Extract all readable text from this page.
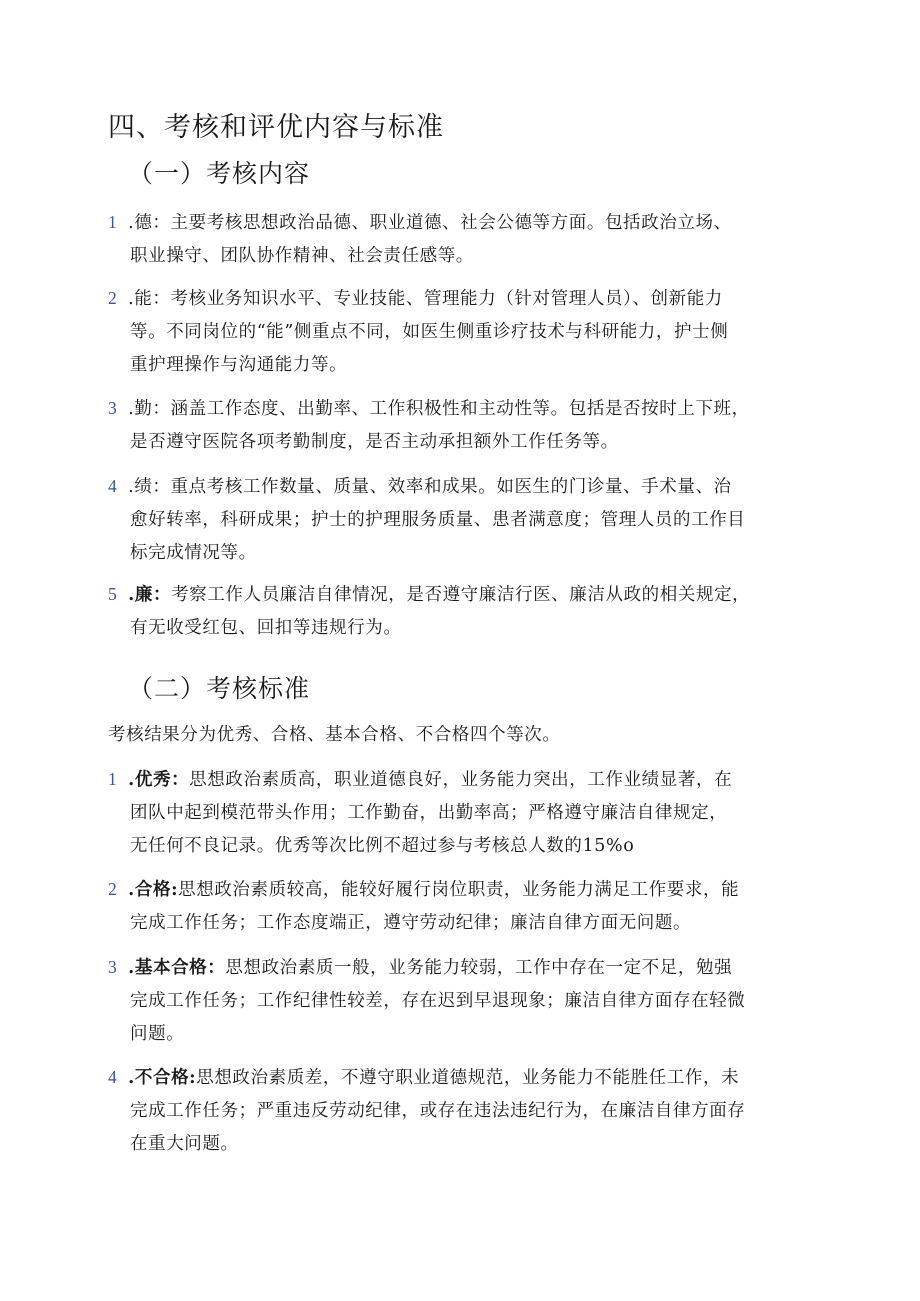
四、考核和评优内容与标准
（一）考核内容
1 .德：主要考核思想政治品德、职业道德、社会公德等方面。包括政治立场、
职业操守、团队协作精神、社会责任感等。
2 .能：考核业务知识水平、专业技能、管理能力（针对管理人员）、创新能力
等。不同岗位的“能”侧重点不同，如医生侧重诊疗技术与科研能力，护士侧
重护理操作与沟通能力等。
3 .勤：涵盖工作态度、出勤率、工作积极性和主动性等。包括是否按时上下班，
是否遵守医院各项考勤制度，是否主动承担额外工作任务等。
4 .绩：重点考核工作数量、质量、效率和成果。如医生的门诊量、手术量、治
愈好转率，科研成果；护士的护理服务质量、患者满意度；管理人员的工作目
标完成情况等。
5 .廉：考察工作人员廉洁自律情况，是否遵守廉洁行医、廉洁从政的相关规定，
有无收受红包、回扣等违规行为。
（二）考核标准
考核结果分为优秀、合格、基本合格、不合格四个等次。
1 .优秀：思想政治素质高，职业道德良好，业务能力突出，工作业绩显著，在
团队中起到模范带头作用；工作勤奋，出勤率高；严格遵守廉洁自律规定，
无任何不良记录。优秀等次比例不超过参与考核总人数的15%o
2 .合格:思想政治素质较高，能较好履行岗位职责，业务能力满足工作要求，能
完成工作任务；工作态度端正，遵守劳动纪律；廉洁自律方面无问题。
3 .基本合格：思想政治素质一般，业务能力较弱，工作中存在一定不足，勉强
完成工作任务；工作纪律性较差，存在迟到早退现象；廉洁自律方面存在轻微
问题。
4 .不合格:思想政治素质差，不遵守职业道德规范，业务能力不能胜任工作，未
完成工作任务；严重违反劳动纪律，或存在违法违纪行为，在廉洁自律方面存
在重大问题。
